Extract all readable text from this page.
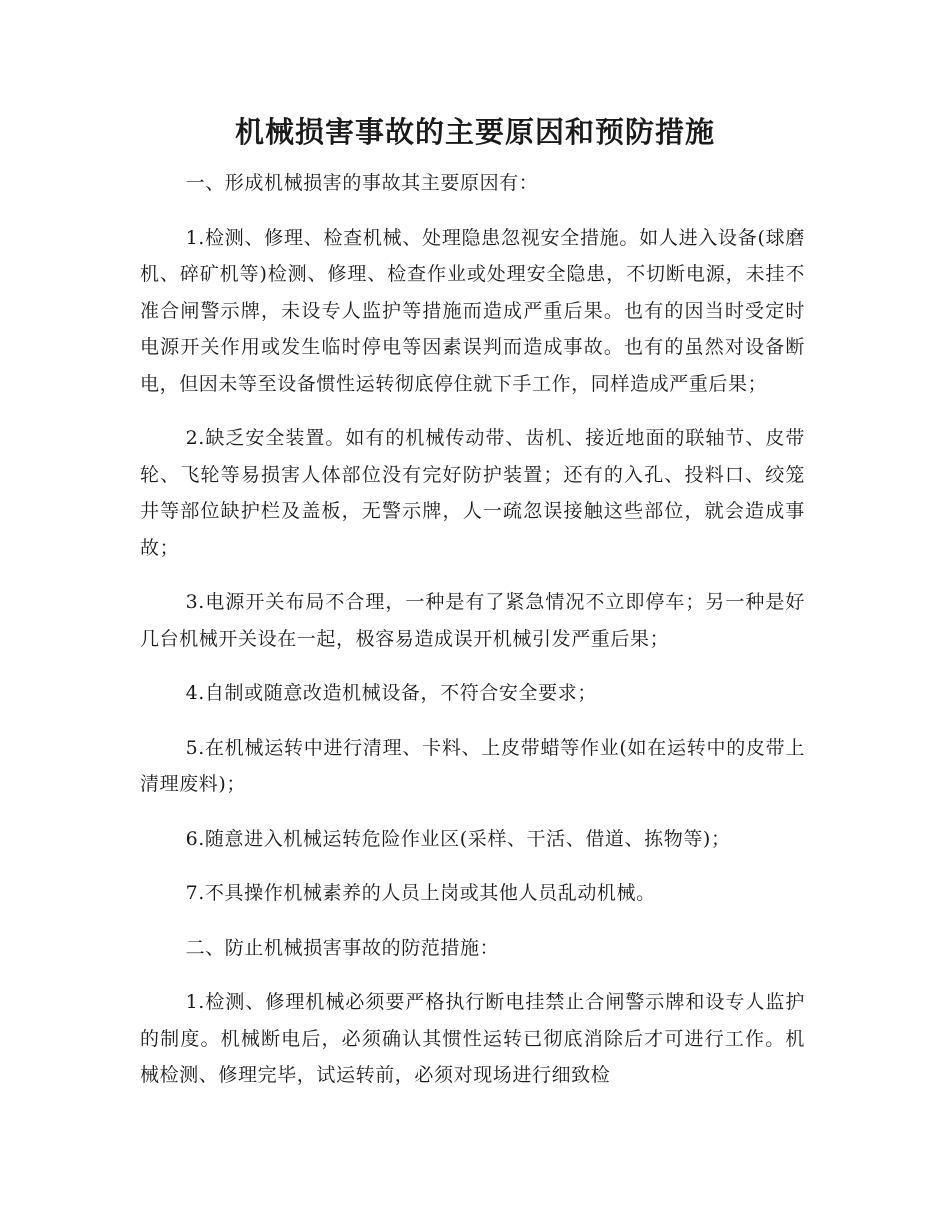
机械损害事故的主要原因和预防措施
一、形成机械损害的事故其主要原因有：

1.检测、修理、检查机械、处理隐患忽视安全措施。如人进入设备(球磨机、碎矿机等)检测、修理、检查作业或处理安全隐患，不切断电源，未挂不准合闸警示牌，未设专人监护等措施而造成严重后果。也有的因当时受定时电源开关作用或发生临时停电等因素误判而造成事故。也有的虽然对设备断电，但因未等至设备惯性运转彻底停住就下手工作，同样造成严重后果；

2.缺乏安全装置。如有的机械传动带、齿机、接近地面的联轴节、皮带轮、飞轮等易损害人体部位没有完好防护装置；还有的入孔、投料口、绞笼井等部位缺护栏及盖板，无警示牌，人一疏忽误接触这些部位，就会造成事故；

3.电源开关布局不合理，一种是有了紧急情况不立即停车；另一种是好几台机械开关设在一起，极容易造成误开机械引发严重后果；

4.自制或随意改造机械设备，不符合安全要求；

5.在机械运转中进行清理、卡料、上皮带蜡等作业(如在运转中的皮带上清理废料)；

6.随意进入机械运转危险作业区(采样、干活、借道、拣物等)；

7.不具操作机械素养的人员上岗或其他人员乱动机械。

二、防止机械损害事故的防范措施：

1.检测、修理机械必须要严格执行断电挂禁止合闸警示牌和设专人监护的制度。机械断电后，必须确认其惯性运转已彻底消除后才可进行工作。机械检测、修理完毕，试运转前，必须对现场进行细致检
